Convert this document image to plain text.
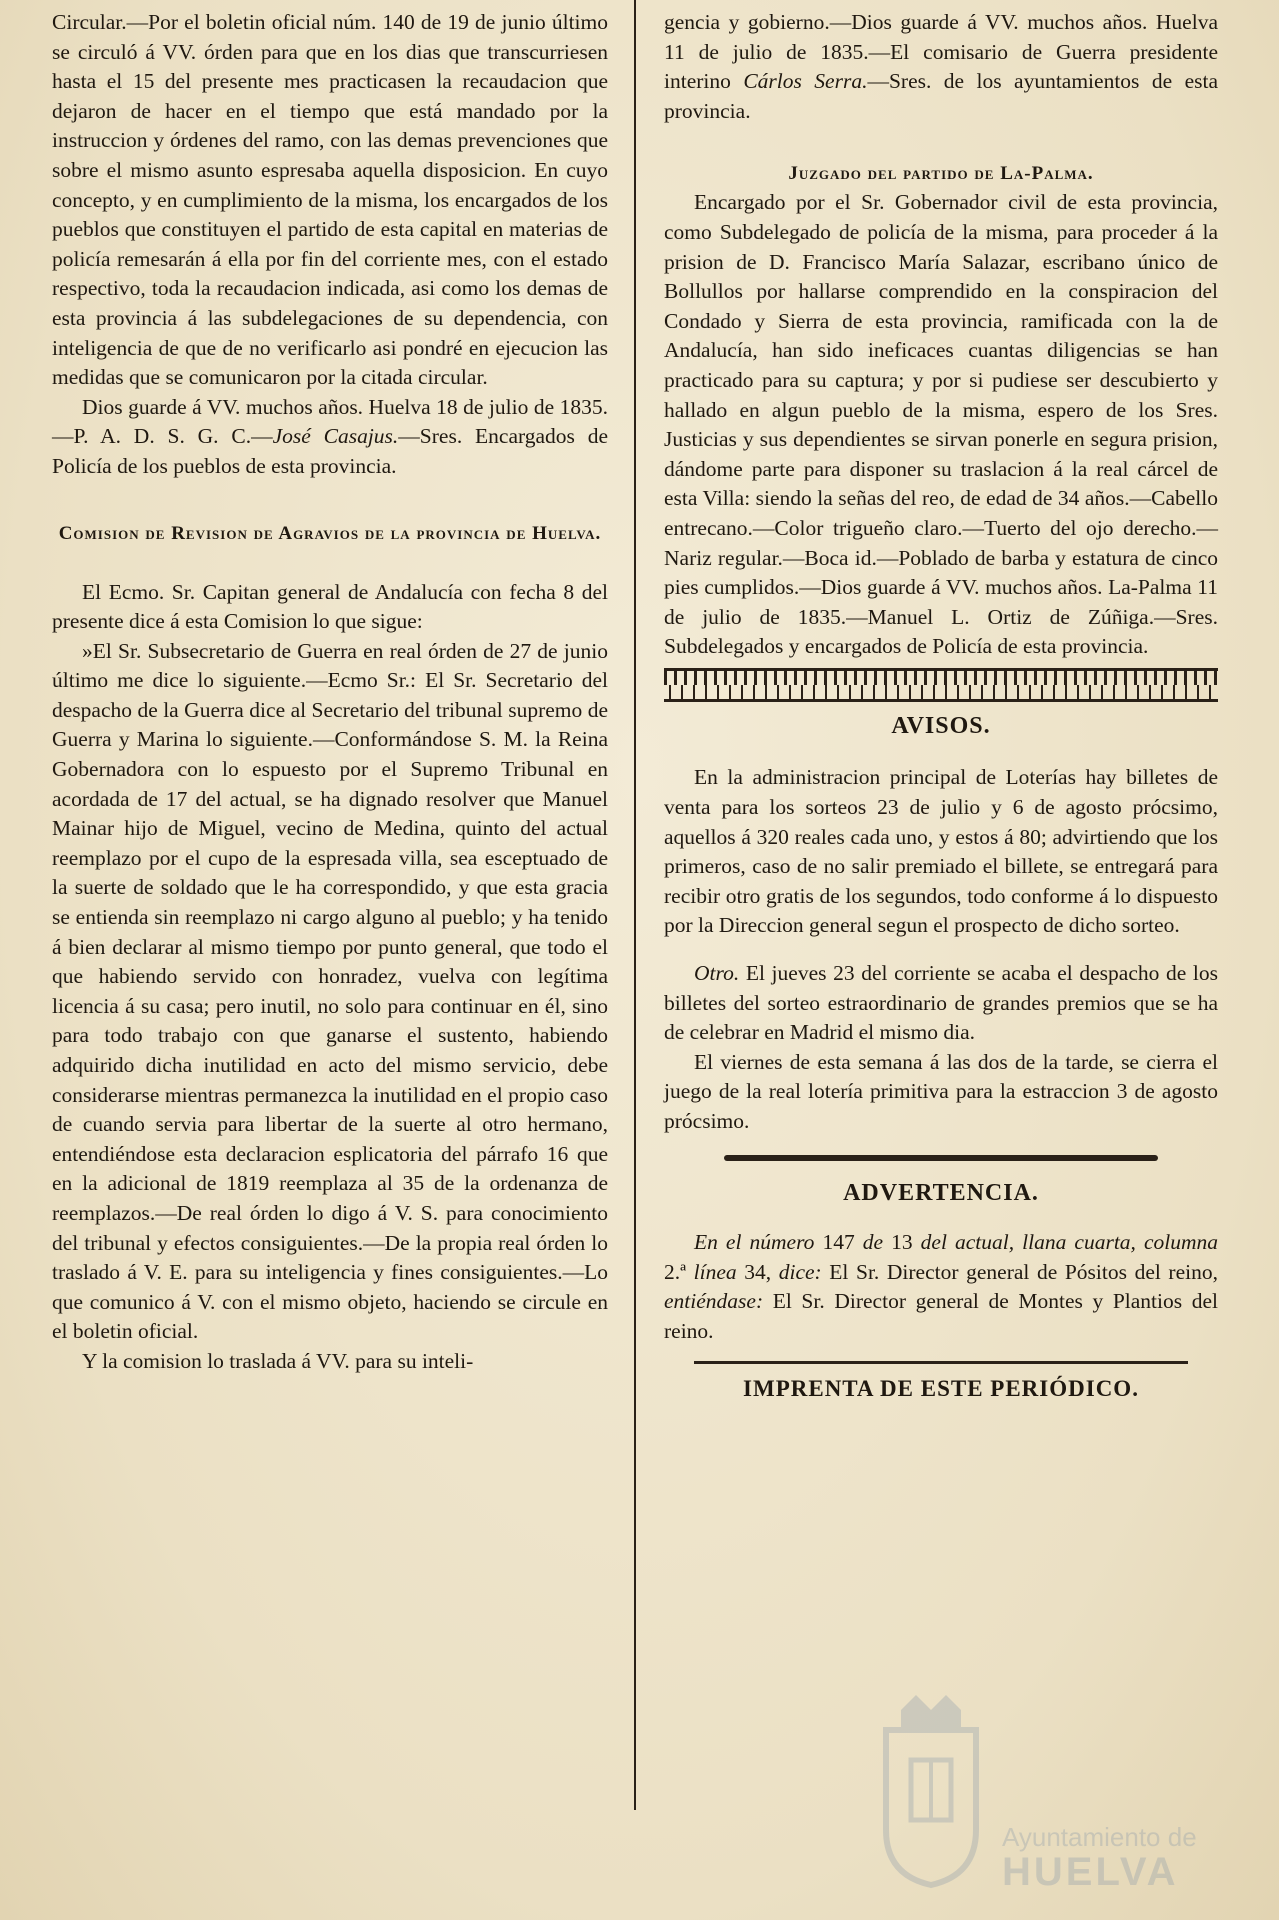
Circular.—Por el boletin oficial núm. 140 de 19 de junio último se circuló á VV. órden para que en los dias que transcurriesen hasta el 15 del presente mes practicasen la recaudacion que dejaron de hacer en el tiempo que está mandado por la instruccion y órdenes del ramo, con las demas prevenciones que sobre el mismo asunto espresaba aquella disposicion. En cuyo concepto, y en cumplimiento de la misma, los encargados de los pueblos que constituyen el partido de esta capital en materias de policía remesarán á ella por fin del corriente mes, con el estado respectivo, toda la recaudacion indicada, asi como los demas de esta provincia á las subdelegaciones de su dependencia, con inteligencia de que de no verificarlo asi pondré en ejecucion las medidas que se comunicaron por la citada circular.

Dios guarde á VV. muchos años. Huelva 18 de julio de 1835.—P. A. D. S. G. C.—José Casajus.—Sres. Encargados de Policía de los pueblos de esta provincia.

Comision de Revision de Agravios de la provincia de Huelva.

El Ecmo. Sr. Capitan general de Andalucía con fecha 8 del presente dice á esta Comision lo que sigue:

»El Sr. Subsecretario de Guerra en real órden de 27 de junio último me dice lo siguiente.—Ecmo Sr.: El Sr. Secretario del despacho de la Guerra dice al Secretario del tribunal supremo de Guerra y Marina lo siguiente.—Conformándose S. M. la Reina Gobernadora con lo espuesto por el Supremo Tribunal en acordada de 17 del actual, se ha dignado resolver que Manuel Mainar hijo de Miguel, vecino de Medina, quinto del actual reemplazo por el cupo de la espresada villa, sea esceptuado de la suerte de soldado que le ha correspondido, y que esta gracia se entienda sin reemplazo ni cargo alguno al pueblo; y ha tenido á bien declarar al mismo tiempo por punto general, que todo el que habiendo servido con honradez, vuelva con legítima licencia á su casa; pero inutil, no solo para continuar en él, sino para todo trabajo con que ganarse el sustento, habiendo adquirido dicha inutilidad en acto del mismo servicio, debe considerarse mientras permanezca la inutilidad en el propio caso de cuando servia para libertar de la suerte al otro hermano, entendiéndose esta declaracion esplicatoria del párrafo 16 que en la adicional de 1819 reemplaza al 35 de la ordenanza de reemplazos.—De real órden lo digo á V. S. para conocimiento del tribunal y efectos consiguientes.—De la propia real órden lo traslado á V. E. para su inteligencia y fines consiguientes.—Lo que comunico á V. con el mismo objeto, haciendo se circule en el boletin oficial.

Y la comision lo traslada á VV. para su inteli-

gencia y gobierno.—Dios guarde á VV. muchos años. Huelva 11 de julio de 1835.—El comisario de Guerra presidente interino Cárlos Serra.—Sres. de los ayuntamientos de esta provincia.

Juzgado del partido de La-Palma.

Encargado por el Sr. Gobernador civil de esta provincia, como Subdelegado de policía de la misma, para proceder á la prision de D. Francisco María Salazar, escribano único de Bollullos por hallarse comprendido en la conspiracion del Condado y Sierra de esta provincia, ramificada con la de Andalucía, han sido ineficaces cuantas diligencias se han practicado para su captura; y por si pudiese ser descubierto y hallado en algun pueblo de la misma, espero de los Sres. Justicias y sus dependientes se sirvan ponerle en segura prision, dándome parte para disponer su traslacion á la real cárcel de esta Villa: siendo la señas del reo, de edad de 34 años.—Cabello entrecano.—Color trigueño claro.—Tuerto del ojo derecho.—Nariz regular.—Boca id.—Poblado de barba y estatura de cinco pies cumplidos.—Dios guarde á VV. muchos años. La-Palma 11 de julio de 1835.—Manuel L. Ortiz de Zúñiga.—Sres. Subdelegados y encargados de Policía de esta provincia.

AVISOS.

En la administracion principal de Loterías hay billetes de venta para los sorteos 23 de julio y 6 de agosto prócsimo, aquellos á 320 reales cada uno, y estos á 80; advirtiendo que los primeros, caso de no salir premiado el billete, se entregará para recibir otro gratis de los segundos, todo conforme á lo dispuesto por la Direccion general segun el prospecto de dicho sorteo.

Otro. El jueves 23 del corriente se acaba el despacho de los billetes del sorteo estraordinario de grandes premios que se ha de celebrar en Madrid el mismo dia.

El viernes de esta semana á las dos de la tarde, se cierra el juego de la real lotería primitiva para la estraccion 3 de agosto prócsimo.

ADVERTENCIA.

En el número 147 de 13 del actual, llana cuarta, columna 2.ª línea 34, dice: El Sr. Director general de Pósitos del reino, entiéndase: El Sr. Director general de Montes y Plantios del reino.

IMPRENTA DE ESTE PERIÓDICO.

Ayuntamiento de
HUELVA
